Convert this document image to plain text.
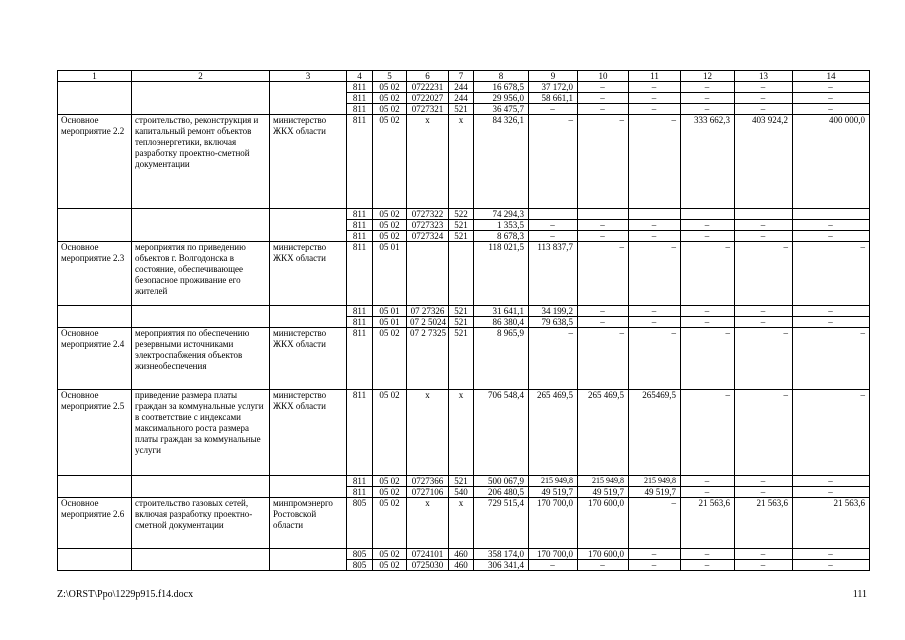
1	2	3	4	5	6	7	8	9	10	11	12	13	14
			811	05 02	0722231	244	16 678,5	37 172,0	–	–	–	–	–
			811	05 02	0722027	244	29 956,0	58 661,1	–	–	–	–	–
			811	05 02	0727321	521	36 475,7	–	–	–	–	–	–
Основное мероприятие 2.2	строительство, реконструкция и капитальный ремонт объектов теплоэнергетики, включая разработку проектно-сметной документации	министерство ЖКХ области	811	05 02	х	х	84 326,1	–	–	–	333 662,3	403 924,2	400 000,0
			811	05 02	0727322	522	74 294,3						
			811	05 02	0727323	521	1 353,5	–	–	–	–	–	–
			811	05 02	0727324	521	8 678,3	–	–	–	–	–	–
Основное мероприятие 2.3	мероприятия по приведению объектов г. Волгодонска в состояние, обеспечивающее безопасное проживание его жителей	министерство ЖКХ области	811	05 01			118 021,5	113 837,7	–	–	–	–	–
			811	05 01	07 27326	521	31 641,1	34 199,2	–	–	–	–	–
			811	05 01	07 2 5024	521	86 380,4	79 638,5	–	–	–	–	–
Основное мероприятие 2.4	мероприятия по обеспечению резервными источниками электроспабжения объектов жизнеобеспечения	министерство ЖКХ области	811	05 02	07 2 7325	521	8 965,9	–	–	–	–	–	–
Основное мероприятие 2.5	приведение размера платы граждан за коммунальные услуги в соответствие с индексами максимального роста размера платы граждан за коммунальные услуги	министерство ЖКХ области	811	05 02	х	х	706 548,4	265 469,5	265 469,5	265469,5	–	–	–
			811	05 02	0727366	521	500 067,9	215 949,8	215 949,8	215 949,8	–	–	–
			811	05 02	0727106	540	206 480,5	49 519,7	49 519,7	49 519,7	–	–	–
Основное мероприятие 2.6	строительство газовых сетей, включая разработку проектно-сметной документации	минпромэнерго Ростовской области	805	05 02	х	х	729 515,4	170 700,0	170 600,0	–	21 563,6	21 563,6	21 563,6
			805	05 02	0724101	460	358 174,0	170 700,0	170 600,0	–	–	–	–
			805	05 02	0725030	460	306 341,4	–	–	–	–	–	–
Z:\ORST\Ppo\1229p915.f14.docx	111
